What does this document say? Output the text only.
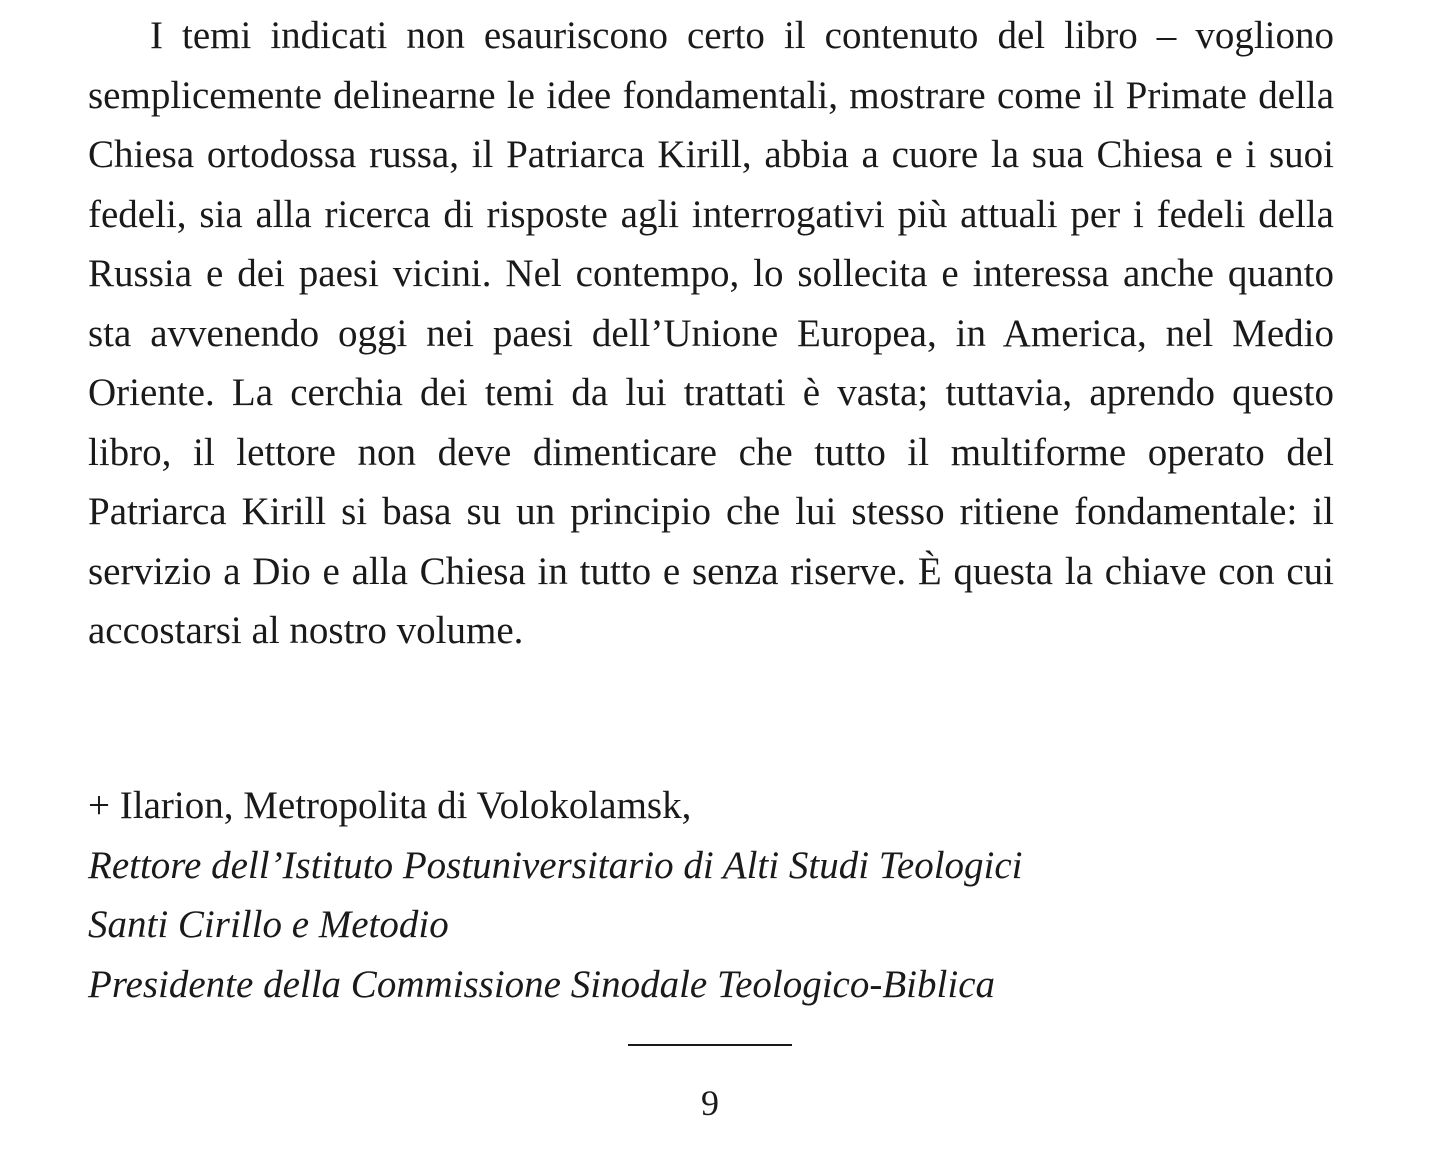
I temi indicati non esauriscono certo il contenuto del libro – vogliono semplicemente delinearne le idee fondamentali, mostrare come il Primate della Chiesa ortodossa russa, il Patriarca Kirill, abbia a cuore la sua Chiesa e i suoi fedeli, sia alla ricerca di risposte agli interrogativi più attuali per i fedeli della Russia e dei paesi vicini. Nel contempo, lo sollecita e interessa anche quanto sta avvenendo oggi nei paesi dell’Unione Europea, in America, nel Medio Oriente. La cerchia dei temi da lui trattati è vasta; tuttavia, aprendo questo libro, il lettore non deve dimenticare che tutto il multiforme operato del Patriarca Kirill si basa su un principio che lui stesso ritiene fondamentale: il servizio a Dio e alla Chiesa in tutto e senza riserve. È questa la chiave con cui accostarsi al nostro volume.

+ Ilarion, Metropolita di Volokolamsk,
Rettore dell’Istituto Postuniversitario di Alti Studi Teologici
Santi Cirillo e Metodio
Presidente della Commissione Sinodale Teologico-Biblica
9
